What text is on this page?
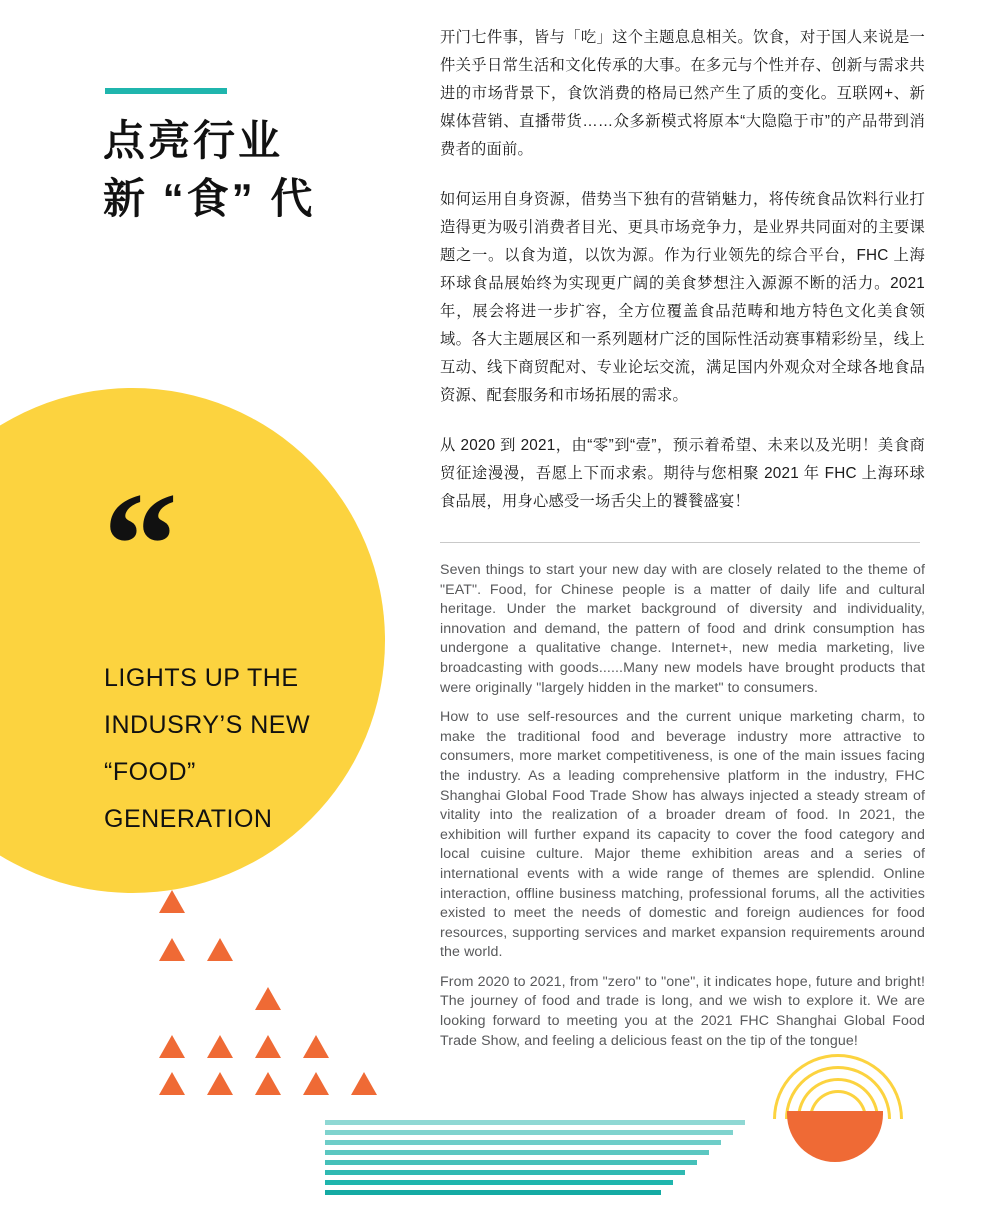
点亮行业
新 “食” 代
“
LIGHTS UP THE
INDUSRY’S NEW
“FOOD”
GENERATION

开门七件事，皆与「吃」这个主题息息相关。饮食，对于国人来说是一件关乎日常生活和文化传承的大事。在多元与个性并存、创新与需求共进的市场背景下，食饮消费的格局已然产生了质的变化。互联网+、新媒体营销、直播带货……众多新模式将原本“大隐隐于市”的产品带到消费者的面前。

如何运用自身资源，借势当下独有的营销魅力，将传统食品饮料行业打造得更为吸引消费者目光、更具市场竞争力，是业界共同面对的主要课题之一。以食为道，以饮为源。作为行业领先的综合平台，FHC 上海环球食品展始终为实现更广阔的美食梦想注入源源不断的活力。2021 年，展会将进一步扩容，全方位覆盖食品范畴和地方特色文化美食领域。各大主题展区和一系列题材广泛的国际性活动赛事精彩纷呈，线上互动、线下商贸配对、专业论坛交流，满足国内外观众对全球各地食品资源、配套服务和市场拓展的需求。

从 2020 到 2021，由“零”到“壹”，预示着希望、未来以及光明！美食商贸征途漫漫，吾愿上下而求索。期待与您相聚 2021 年 FHC 上海环球食品展，用身心感受一场舌尖上的饕餮盛宴！

Seven things to start your new day with are closely related to the theme of "EAT". Food, for Chinese people is a matter of daily life and cultural heritage. Under the market background of diversity and individuality, innovation and demand, the pattern of food and drink consumption has undergone a qualitative change. Internet+, new media marketing, live broadcasting with goods......Many new models have brought products that were originally "largely hidden in the market" to consumers.

How to use self-resources and the current unique marketing charm, to make the traditional food and beverage industry more attractive to consumers, more market competitiveness, is one of the main issues facing the industry. As a leading comprehensive platform in the industry, FHC Shanghai Global Food Trade Show has always injected a steady stream of vitality into the realization of a broader dream of food. In 2021, the exhibition will further expand its capacity to cover the food category and local cuisine culture. Major theme exhibition areas and a series of international events with a wide range of themes are splendid. Online interaction, offline business matching, professional forums, all the activities existed to meet the needs of domestic and foreign audiences for food resources, supporting services and market expansion requirements around the world.

From 2020 to 2021, from "zero" to "one", it indicates hope, future and bright! The journey of food and trade is long, and we wish to explore it. We are looking forward to meeting you at the 2021 FHC Shanghai Global Food Trade Show, and feeling a delicious feast on the tip of the tongue!

聚展
